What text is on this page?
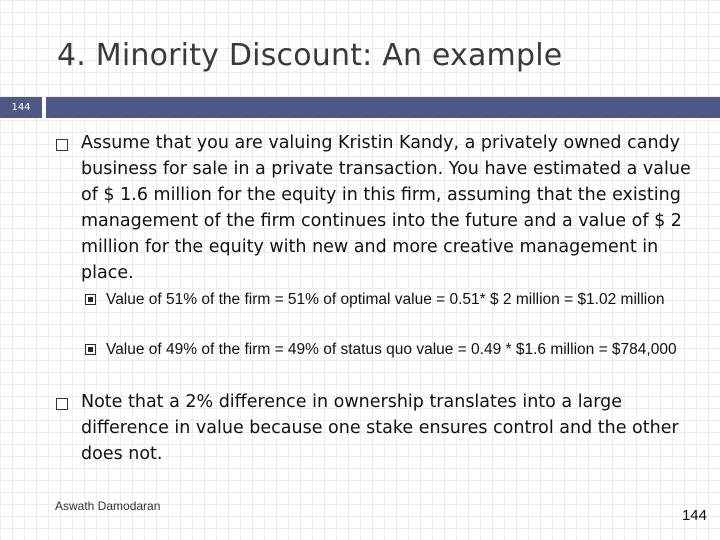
4. Minority Discount: An example
144
Assume that you are valuing Kristin Kandy, a privately owned candy business for sale in a private transaction. You have estimated a value of $ 1.6 million for the equity in this firm, assuming that the existing management of the firm continues into the future and a value of $ 2 million for the equity with new and more creative management in place.
Value of 51% of the firm = 51% of optimal value = 0.51* $ 2 million = $1.02 million
Value of 49% of the firm = 49% of status quo value = 0.49 * $1.6 million = $784,000
Note that a 2% difference in ownership translates into a large difference in value because one stake ensures control and the other does not.
Aswath Damodaran
144
